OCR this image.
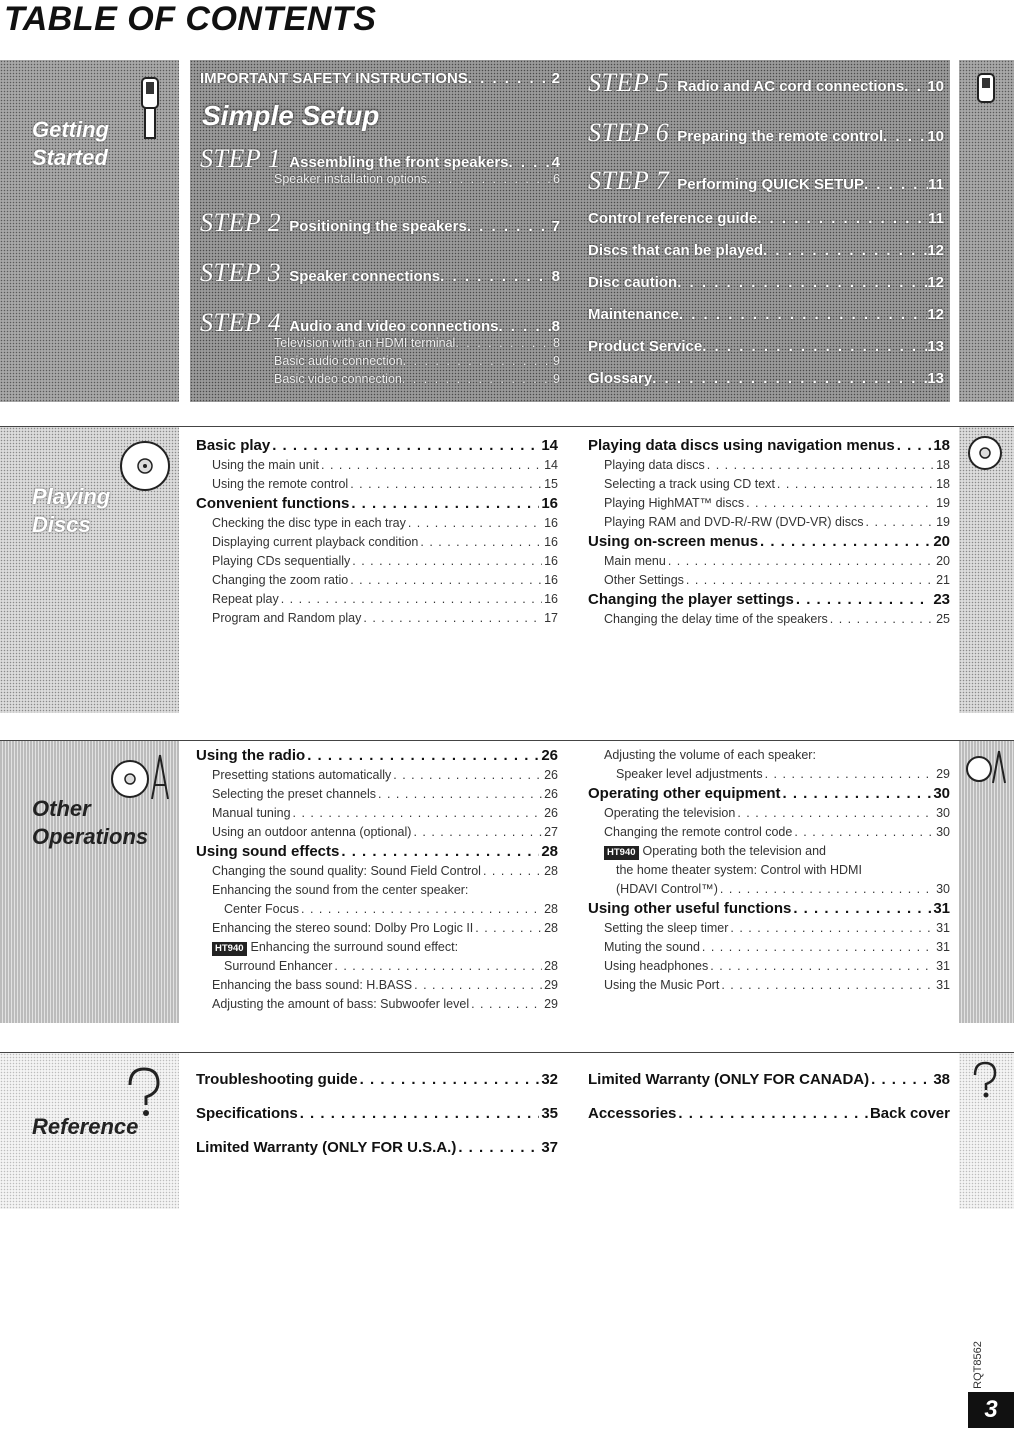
TABLE OF CONTENTS
Getting Started
IMPORTANT SAFETY INSTRUCTIONS . . .	2
Simple Setup
STEP 1 Assembling the front speakers . . .	4
Speaker installation options . . .	6
STEP 2 Positioning the speakers . . .	7
STEP 3 Speaker connections . . .	8
STEP 4 Audio and video connections . . .	8
Television with an HDMI terminal . . .	8
Basic audio connection . . .	9
Basic video connection . . .	9
STEP 5 Radio and AC cord connections . . . 10
STEP 6 Preparing the remote control . . .	10
STEP 7 Performing QUICK SETUP . . .	11
Control reference guide . . .	11
Discs that can be played . . .	12
Disc caution . . .	12
Maintenance . . .	12
Product Service . . .	13
Glossary . . .	13
Playing Discs
Basic play . . .	14
Using the main unit . . .	14
Using the remote control . . .	15
Convenient functions . . .	16
Checking the disc type in each tray . . .	16
Displaying current playback condition . . .	16
Playing CDs sequentially . . .	16
Changing the zoom ratio . . .	16
Repeat play . . .	16
Program and Random play . . .	17
Playing data discs using navigation menus . . .	18
Playing data discs . . .	18
Selecting a track using CD text . . .	18
Playing HighMAT™ discs . . .	19
Playing RAM and DVD-R/-RW (DVD-VR) discs . . .	19
Using on-screen menus . . .	20
Main menu . . .	20
Other Settings . . .	21
Changing the player settings . . .	23
Changing the delay time of the speakers . . .	25
Other Operations
Using the radio . . .	26
Presetting stations automatically . . .	26
Selecting the preset channels . . .	26
Manual tuning . . .	26
Using an outdoor antenna (optional) . . .	27
Using sound effects . . .	28
Changing the sound quality: Sound Field Control . . .	28
Enhancing the sound from the center speaker:
Center Focus . . .	28
Enhancing the stereo sound: Dolby Pro Logic II . . .	28
HT940 Enhancing the surround sound effect:
Surround Enhancer . . .	28
Enhancing the bass sound: H.BASS . . .	29
Adjusting the amount of bass: Subwoofer level . . .	29
Adjusting the volume of each speaker:
Speaker level adjustments . . .	29
Operating other equipment . . .	30
Operating the television . . .	30
Changing the remote control code . . .	30
HT940 Operating both the television and
the home theater system: Control with HDMI
(HDAVI Control™) . . .	30
Using other useful functions . . .	31
Setting the sleep timer . . .	31
Muting the sound . . .	31
Using headphones . . .	31
Using the Music Port . . .	31
Reference
Troubleshooting guide . . .	32
Specifications . . .	35
Limited Warranty (ONLY FOR U.S.A.) . . .	37
Limited Warranty (ONLY FOR CANADA) . . .	38
Accessories . . .	Back cover
RQT8562
3
